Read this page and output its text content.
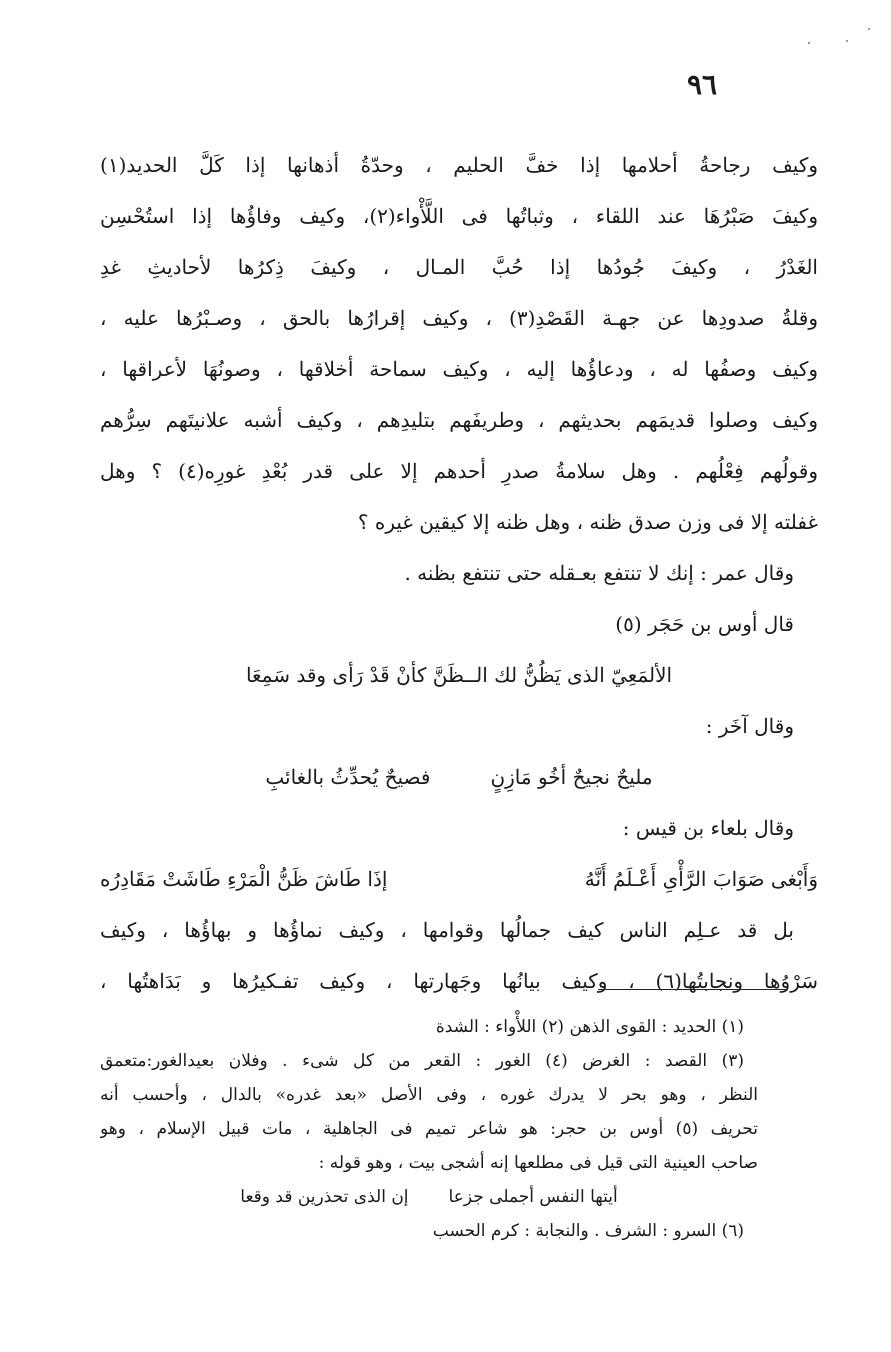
٩٦
وكيف رجاحةُ أحلامها إذا خفَّ الحليم ، وحدّةُ أذهانها إذا كَلَّ الحديد(١)
وكيفَ صَبْرُهَا عند اللقاء ، وثباتُها فى اللَّأْواء(٢)، وكيف وفاؤُها إذا استُحْسِن
الغَدْرُ ، وكيفَ جُودُها إذا حُبَّ المـال ، وكيفَ ذِكرُها لأحاديثِ غدِ
وقلةُ صدودِها عن جهـة القَصْدِ(٣) ، وكيف إقرارُها بالحق ، وصـبْرُها عليه ،
وكيف وصفُها له ، ودعاؤُها إليه ، وكيف سماحة أخلاقها ، وصونُهَا لأعراقها ،
وكيف وصلوا قديمَهم بحديثهم ، وطريفَهم بتليدِهم ، وكيف أشبه علانيتَهم سِرُّهم
وقولُهم فِعْلُهم . وهل سلامةُ صدرِ أحدهم إلا على قدر بُعْدِ غورِه(٤) ؟ وهل
غفلته إلا فى وزن صدق ظنه ، وهل ظنه إلا كيقين غيره ؟
وقال عمر : إنك لا تنتفع بعـقله حتى تنتفع بظنه .
قال أوس بن حَجَر (٥)
الألمَعِيّ الذى يَظُنُّ لك الـ
ـظَنَّ كأنْ قَدْ رَأى وقد سَمِعَا
وقال آخَر :
مليحٌ نجيحٌ أخُو مَازِنٍ
فصيحٌ يُحدِّثُ بالغائبِ
وقال بلعاء بن قيس :
وَأَبْغى صَوَابَ الرَّأْىِ أَعْـلَمُ أَنَّهُ
إذَا طَاشَ ظَنُّ الْمَرْءِ طَاشَتْ مَقَادِرُه
بل قد عـلِم الناس كيف جمالُها وقوامها ، وكيف نماؤُها و بهاؤُها ، وكيف
سَرْوُها ونجابتُها(٦) ، وكيف بيانُها وجَهارتها ، وكيف تفـكيرُها و بَدَاهتُها ،
(١) الحديد : القوى الذهن (٢) اللأْواء : الشدة
(٣) القصد : الغرض (٤) الغور : القعر من كل شىء . وفلان بعيدالغور:متعمق
النظر ، وهو بحر لا يدرك غوره ، وفى الأصل «بعد غدره» بالدال ، وأحسب أنه
تحريف (٥) أوس بن حجر: هو شاعر تميم فى الجاهلية ، مات قبيل الإسلام ، وهو
صاحب العينية التى قيل فى مطلعها إنه أشجى بيت ، وهو قوله :
أيتها النفس أجملى جزعا
إن الذى تحذرين قد وقعا
(٦) السرو : الشرف . والنجابة : كرم الحسب
